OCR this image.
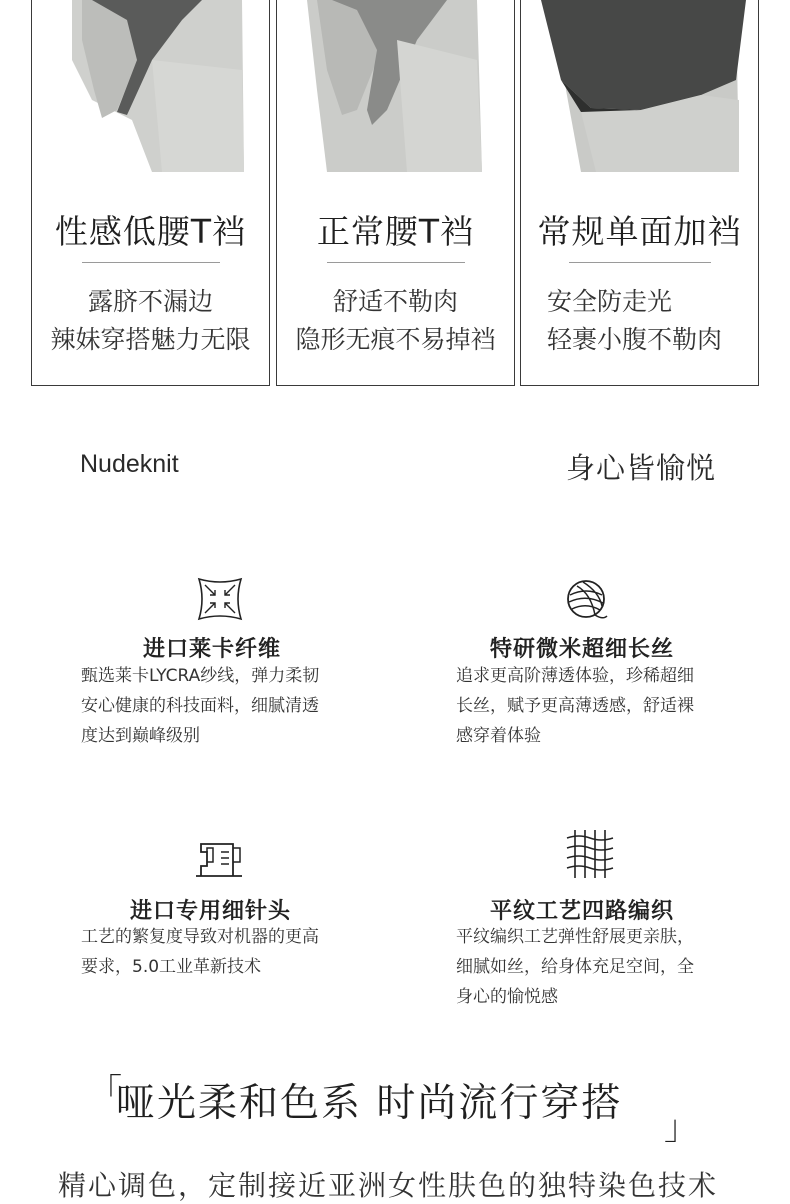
性感低腰T裆
露脐不漏边
辣妹穿搭魅力无限
正常腰T裆
舒适不勒肉
隐形无痕不易掉裆
常规单面加裆
安全防走光
轻裹小腹不勒肉
Nudeknit	身心皆愉悦
进口莱卡纤维
甄选莱卡LYCRA纱线，弹力柔韧
安心健康的科技面料，细腻清透
度达到巅峰级别
特研微米超细长丝
追求更高阶薄透体验，珍稀超细
长丝，赋予更高薄透感，舒适裸
感穿着体验
进口专用细针头
工艺的繁复度导致对机器的更高
要求，5.0工业革新技术
平纹工艺四路编织
平纹编织工艺弹性舒展更亲肤，
细腻如丝，给身体充足空间，全
身心的愉悦感
「
哑光柔和色系 时尚流行穿搭
」
精心调色，定制接近亚洲女性肤色的独特染色技术
